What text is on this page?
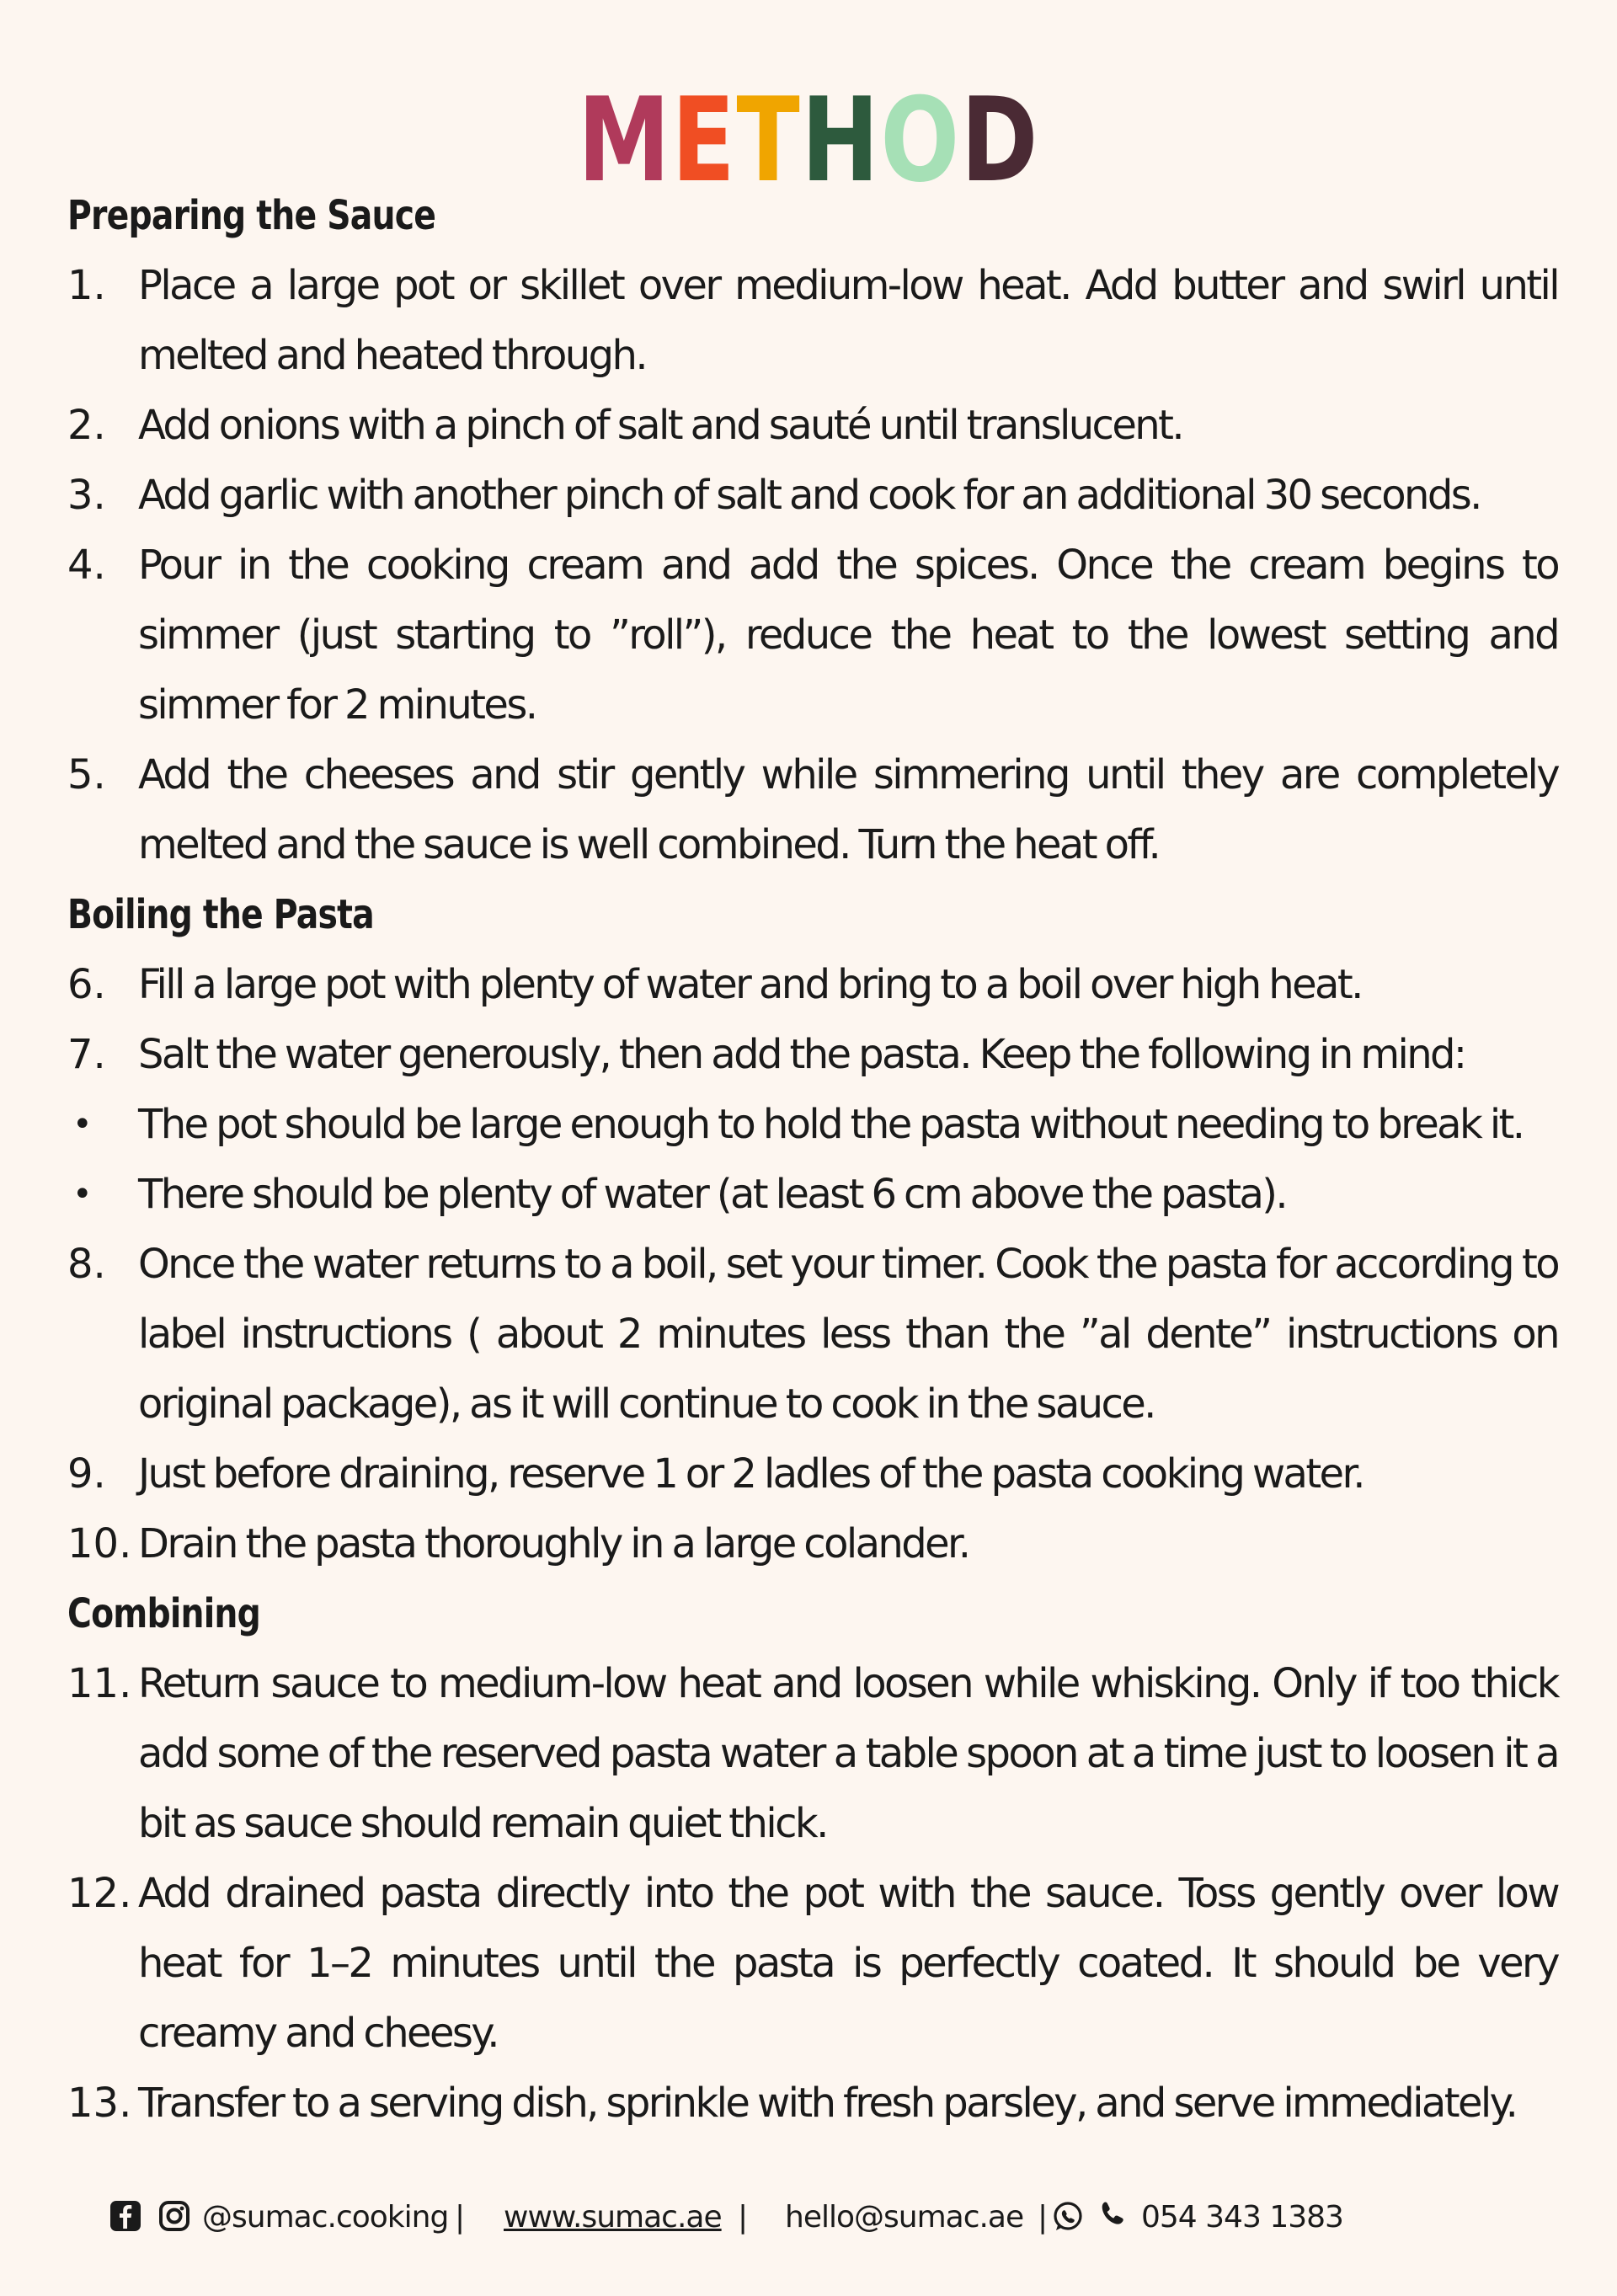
METHOD
Preparing the Sauce
1. Place a large pot or skillet over medium-low heat. Add butter and swirl until melted and heated through.
2. Add onions with a pinch of salt and sauté until translucent.
3. Add garlic with another pinch of salt and cook for an additional 30 seconds.
4. Pour in the cooking cream and add the spices. Once the cream begins to simmer (just starting to ”roll”), reduce the heat to the lowest setting and simmer for 2 minutes.
5. Add the cheeses and stir gently while simmering until they are completely melted and the sauce is well combined. Turn the heat off.
Boiling the Pasta
6. Fill a large pot with plenty of water and bring to a boil over high heat.
7. Salt the water generously, then add the pasta. Keep the following in mind:
• The pot should be large enough to hold the pasta without needing to break it.
• There should be plenty of water (at least 6 cm above the pasta).
8. Once the water returns to a boil, set your timer. Cook the pasta for according to label instructions ( about 2 minutes less than the ”al dente” instructions on original package), as it will continue to cook in the sauce.
9. Just before draining, reserve 1 or 2 ladles of the pasta cooking water.
10. Drain the pasta thoroughly in a large colander.
Combining
11. Return sauce to medium-low heat and loosen while whisking. Only if too thick add some of the reserved pasta water a table spoon at a time just to loosen it a bit as sauce should remain quiet thick.
12. Add drained pasta directly into the pot with the sauce. Toss gently over low heat for 1–2 minutes until the pasta is perfectly coated. It should be very creamy and cheesy.
13. Transfer to a serving dish, sprinkle with fresh parsley, and serve immediately.
@sumac.cooking | www.sumac.ae | hello@sumac.ae |	054 343 1383
